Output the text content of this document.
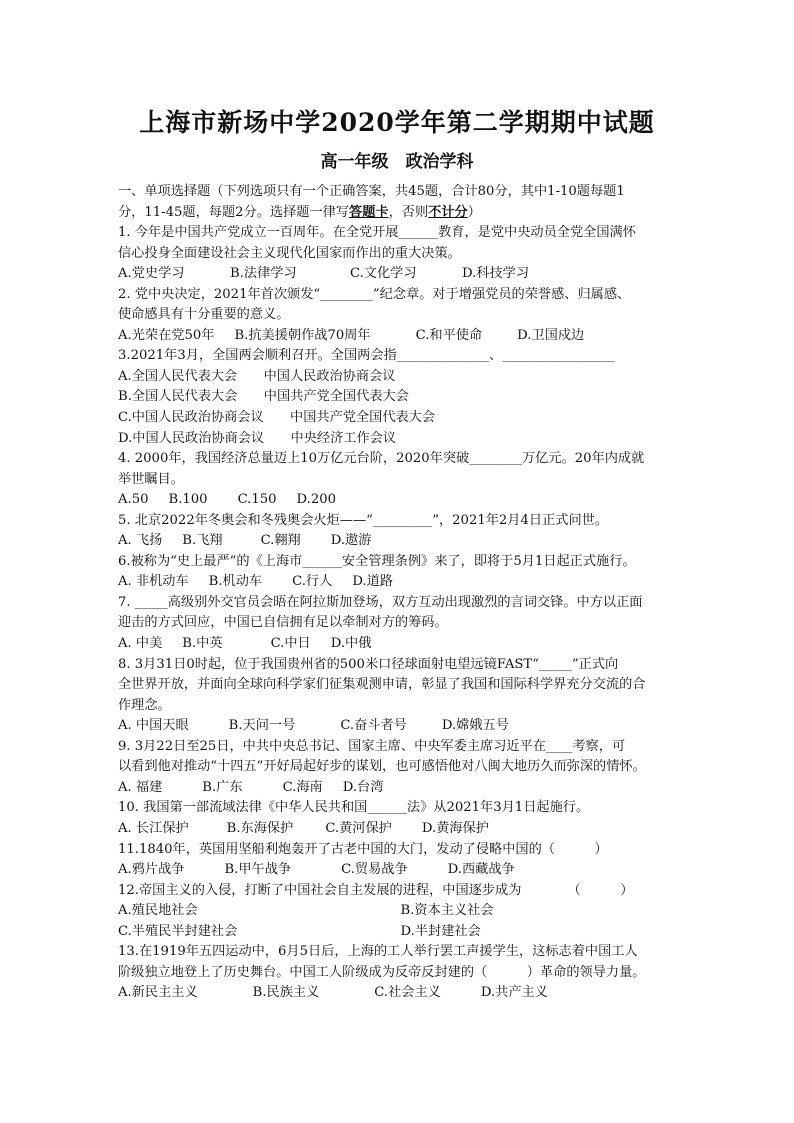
上海市新场中学2020学年第二学期期中试题
高一年级　政治学科
一、单项选择题（下列选项只有一个正确答案，共45题，合计80分，其中1-10题每题1
分，11-45题，每题2分。选择题一律写答题卡，否则不计分）
1. 今年是中国共产党成立一百周年。在全党开展______教育，是党中央动员全党全国满怀
信心投身全面建设社会主义现代化国家而作出的重大决策。
A.党史学习	B.法律学习	C.文化学习	D.科技学习
2. 党中央决定，2021年首次颁发“________”纪念章。对于增强党员的荣誉感、归属感、
使命感具有十分重要的意义。
A.光荣在党50年 B.抗美援朝作战70周年	C.和平使命	D.卫国戍边
3.2021年3月，全国两会顺利召开。全国两会指______________、_________________
A.全国人民代表大会　　中国人民政治协商会议
B.全国人民代表大会　　中国共产党全国代表大会
C.中国人民政治协商会议　　中国共产党全国代表大会
D.中国人民政治协商会议　　中央经济工作会议
4. 2000年，我国经济总量迈上10万亿元台阶，2020年突破________万亿元。20年内成就
举世瞩目。
A.50 B.100 C.150 D.200
5. 北京2022年冬奥会和冬残奥会火炬——“_________”，2021年2月4日正式问世。
A. 飞扬 B.飞翔	C.翱翔 D.遨游
6.被称为“史上最严”的《上海市______安全管理条例》来了，即将于5月1日起正式施行。
A. 非机动车 B.机动车 C.行人 D.道路
7. _____高级别外交官员会晤在阿拉斯加登场，双方互动出现激烈的言词交锋。中方以正面
迎击的方式回应，中国已自信拥有足以牵制对方的筹码。
A. 中美 B.中英	C.中日 D.中俄
8. 3月31日0时起，位于我国贵州省的500米口径球面射电望远镜FAST“_____”正式向
全世界开放，并面向全球向科学家们征集观测申请，彰显了我国和国际科学界充分交流的合
作理念。
A. 中国天眼	B.天问一号	C.奋斗者号	D.嫦娥五号
9. 3月22日至25日，中共中央总书记、国家主席、中央军委主席习近平在____考察，可
以看到他对推动“十四五”开好局起好步的谋划，也可感悟他对八闽大地历久而弥深的情怀。
A. 福建	B.广东	C.海南 D.台湾
10. 我国第一部流域法律《中华人民共和国______法》从2021年3月1日起施行。
A. 长江保护	B.东海保护 C.黄河保护 D.黄海保护
11.1840年，英国用坚船利炮轰开了古老中国的大门，发动了侵略中国的（　　　）
A.鸦片战争	B.甲午战争	C.贸易战争	D.西藏战争
12.帝国主义的入侵，打断了中国社会自主发展的进程，中国逐步成为　　　　（　　　）
A.殖民地社会	B.资本主义社会
C.半殖民半封建社会	D.半封建社会
13.在1919年五四运动中，6月5日后，上海的工人举行罢工声援学生，这标志着中国工人
阶级独立地登上了历史舞台。中国工人阶级成为反帝反封建的（　　　）革命的领导力量。
A.新民主主义	B.民族主义	C.社会主义	D.共产主义
